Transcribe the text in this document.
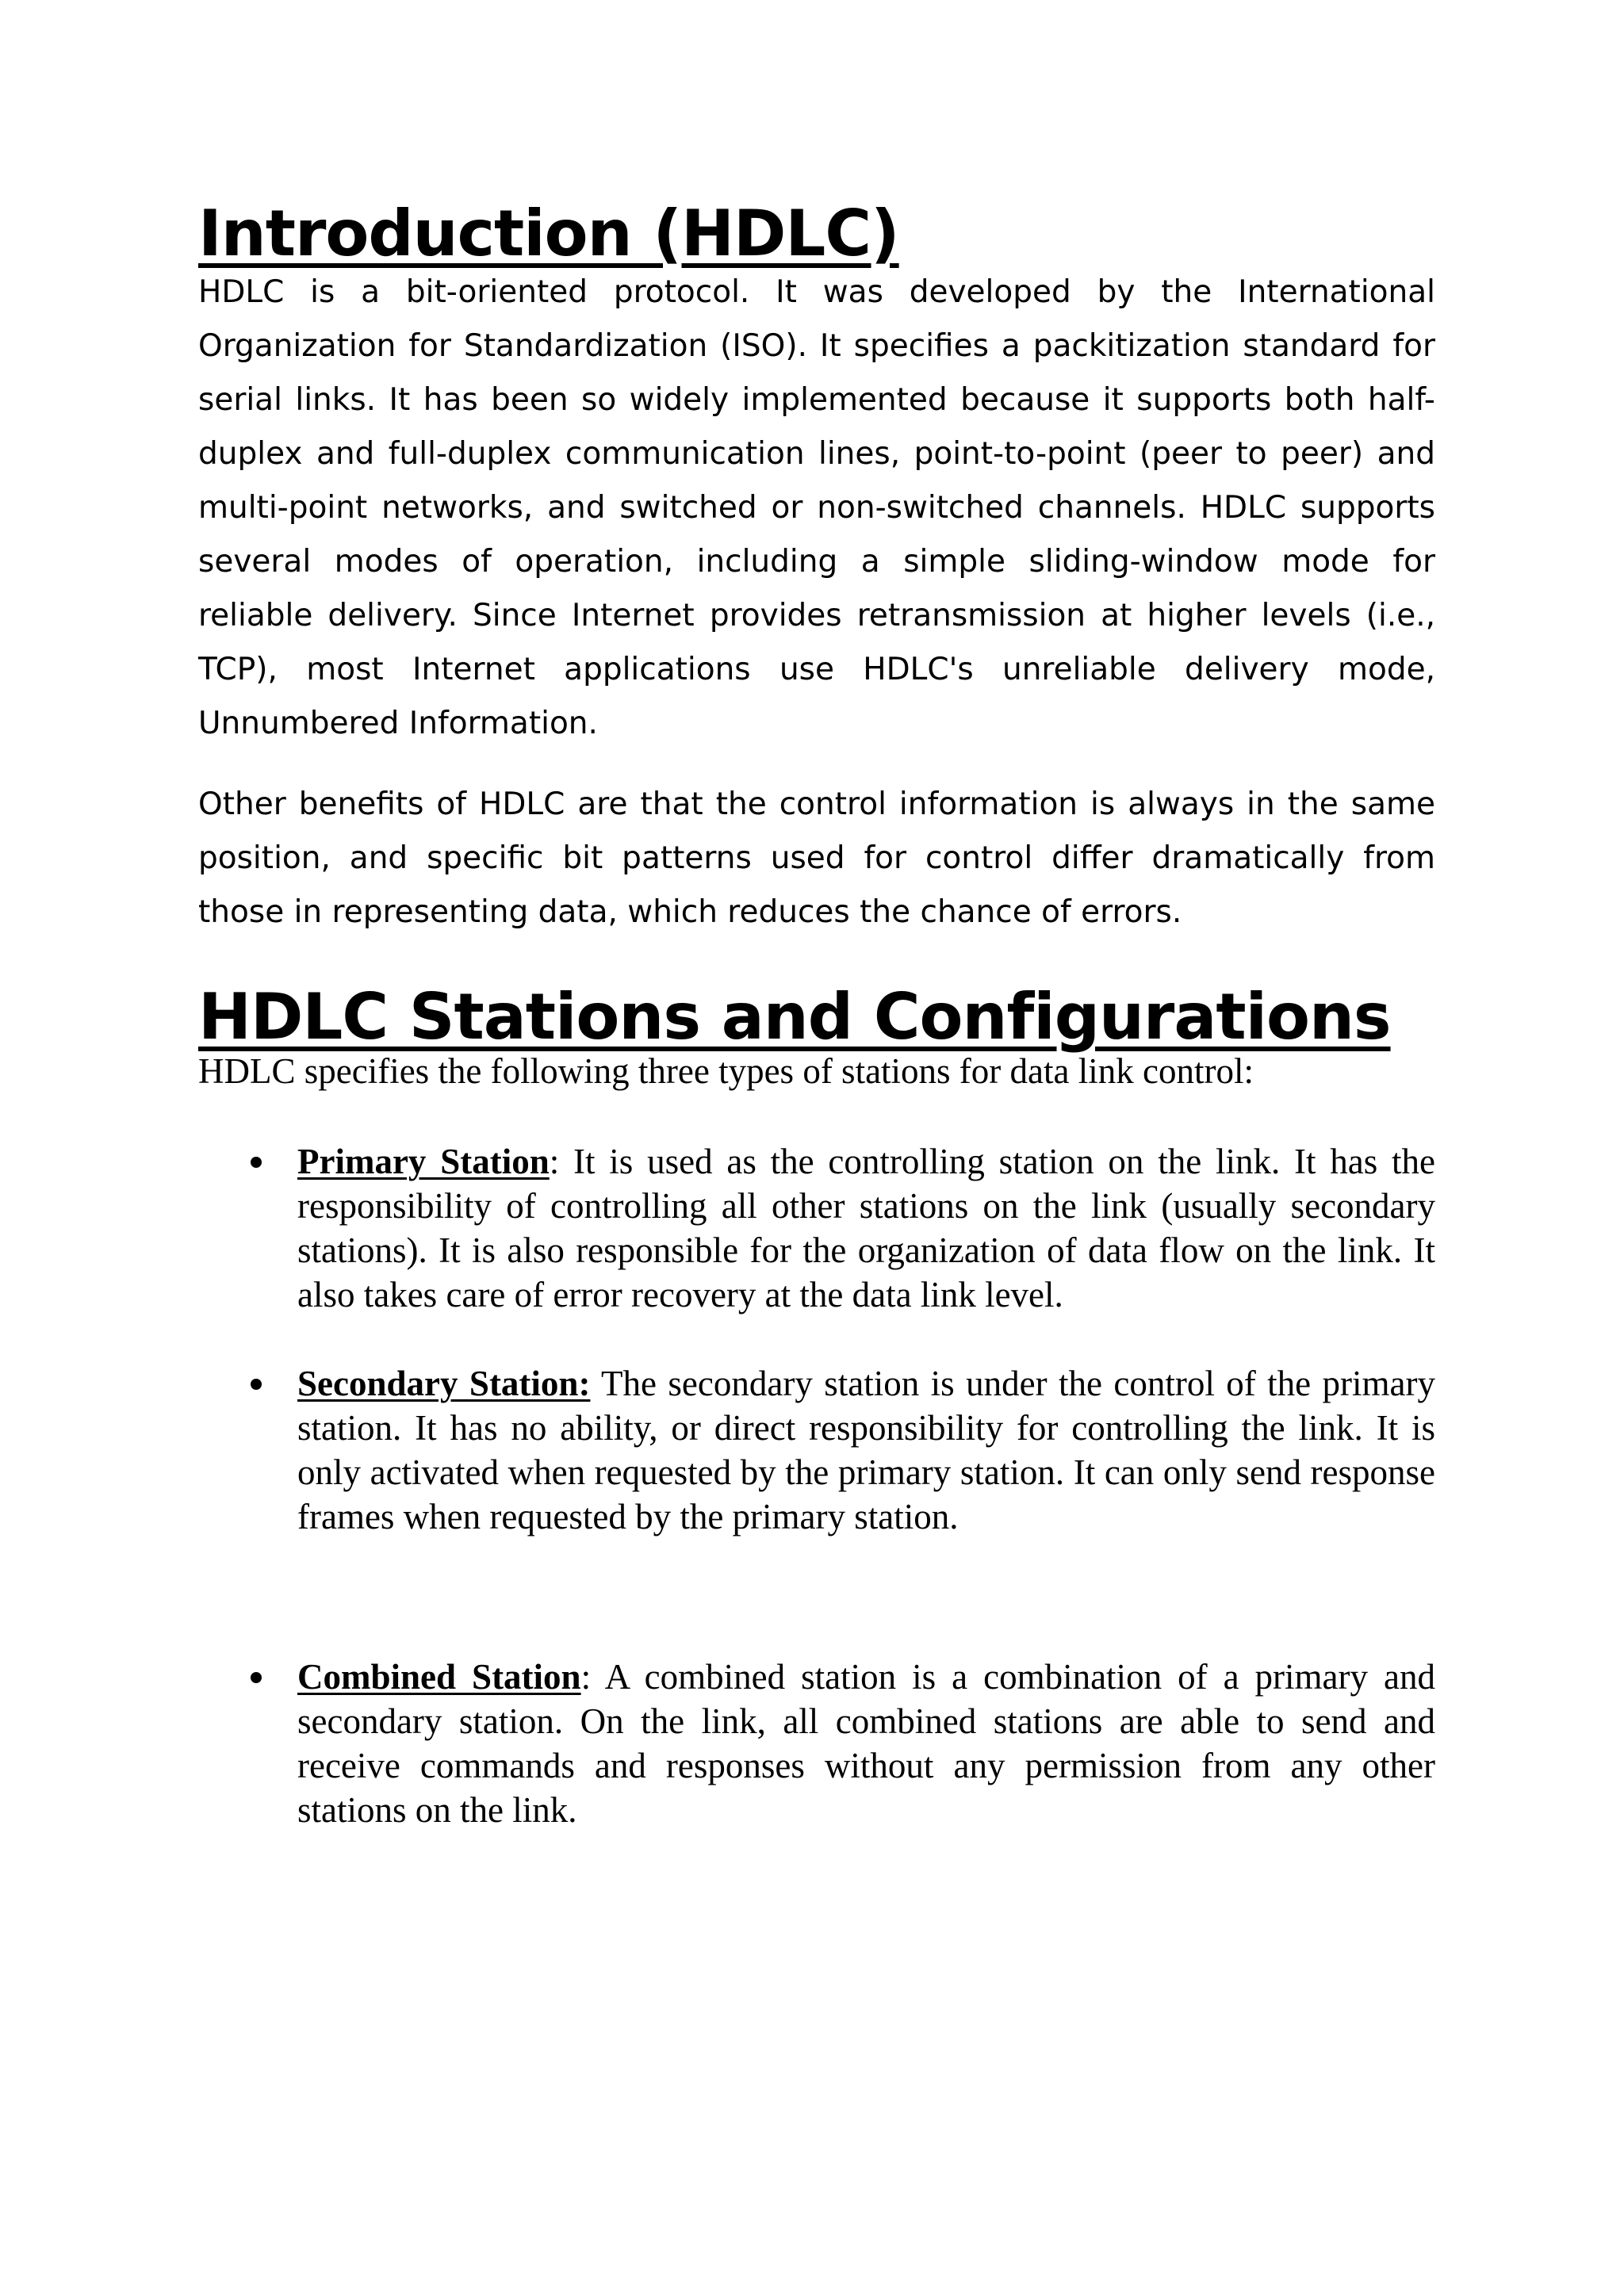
Introduction (HDLC)

HDLC is a bit-oriented protocol. It was developed by the International Organization for Standardization (ISO). It specifies a packitization standard for serial links. It has been so widely implemented because it supports both half-duplex and full-duplex communication lines, point-to-point (peer to peer) and multi-point networks, and switched or non-switched channels. HDLC supports several modes of operation, including a simple sliding-window mode for reliable delivery. Since Internet provides retransmission at higher levels (i.e., TCP), most Internet applications use HDLC's unreliable delivery mode, Unnumbered Information.

Other benefits of HDLC are that the control information is always in the same position, and specific bit patterns used for control differ dramatically from those in representing data, which reduces the chance of errors.

HDLC Stations and Configurations

HDLC specifies the following three types of stations for data link control:

Primary Station: It is used as the controlling station on the link. It has the responsibility of controlling all other stations on the link (usually secondary stations). It is also responsible for the organization of data flow on the link. It also takes care of error recovery at the data link level.
Secondary Station: The secondary station is under the control of the primary station. It has no ability, or direct responsibility for controlling the link. It is only activated when requested by the primary station. It can only send response frames when requested by the primary station.
Combined Station: A combined station is a combination of a primary and secondary station. On the link, all combined stations are able to send and receive commands and responses without any permission from any other stations on the link.
